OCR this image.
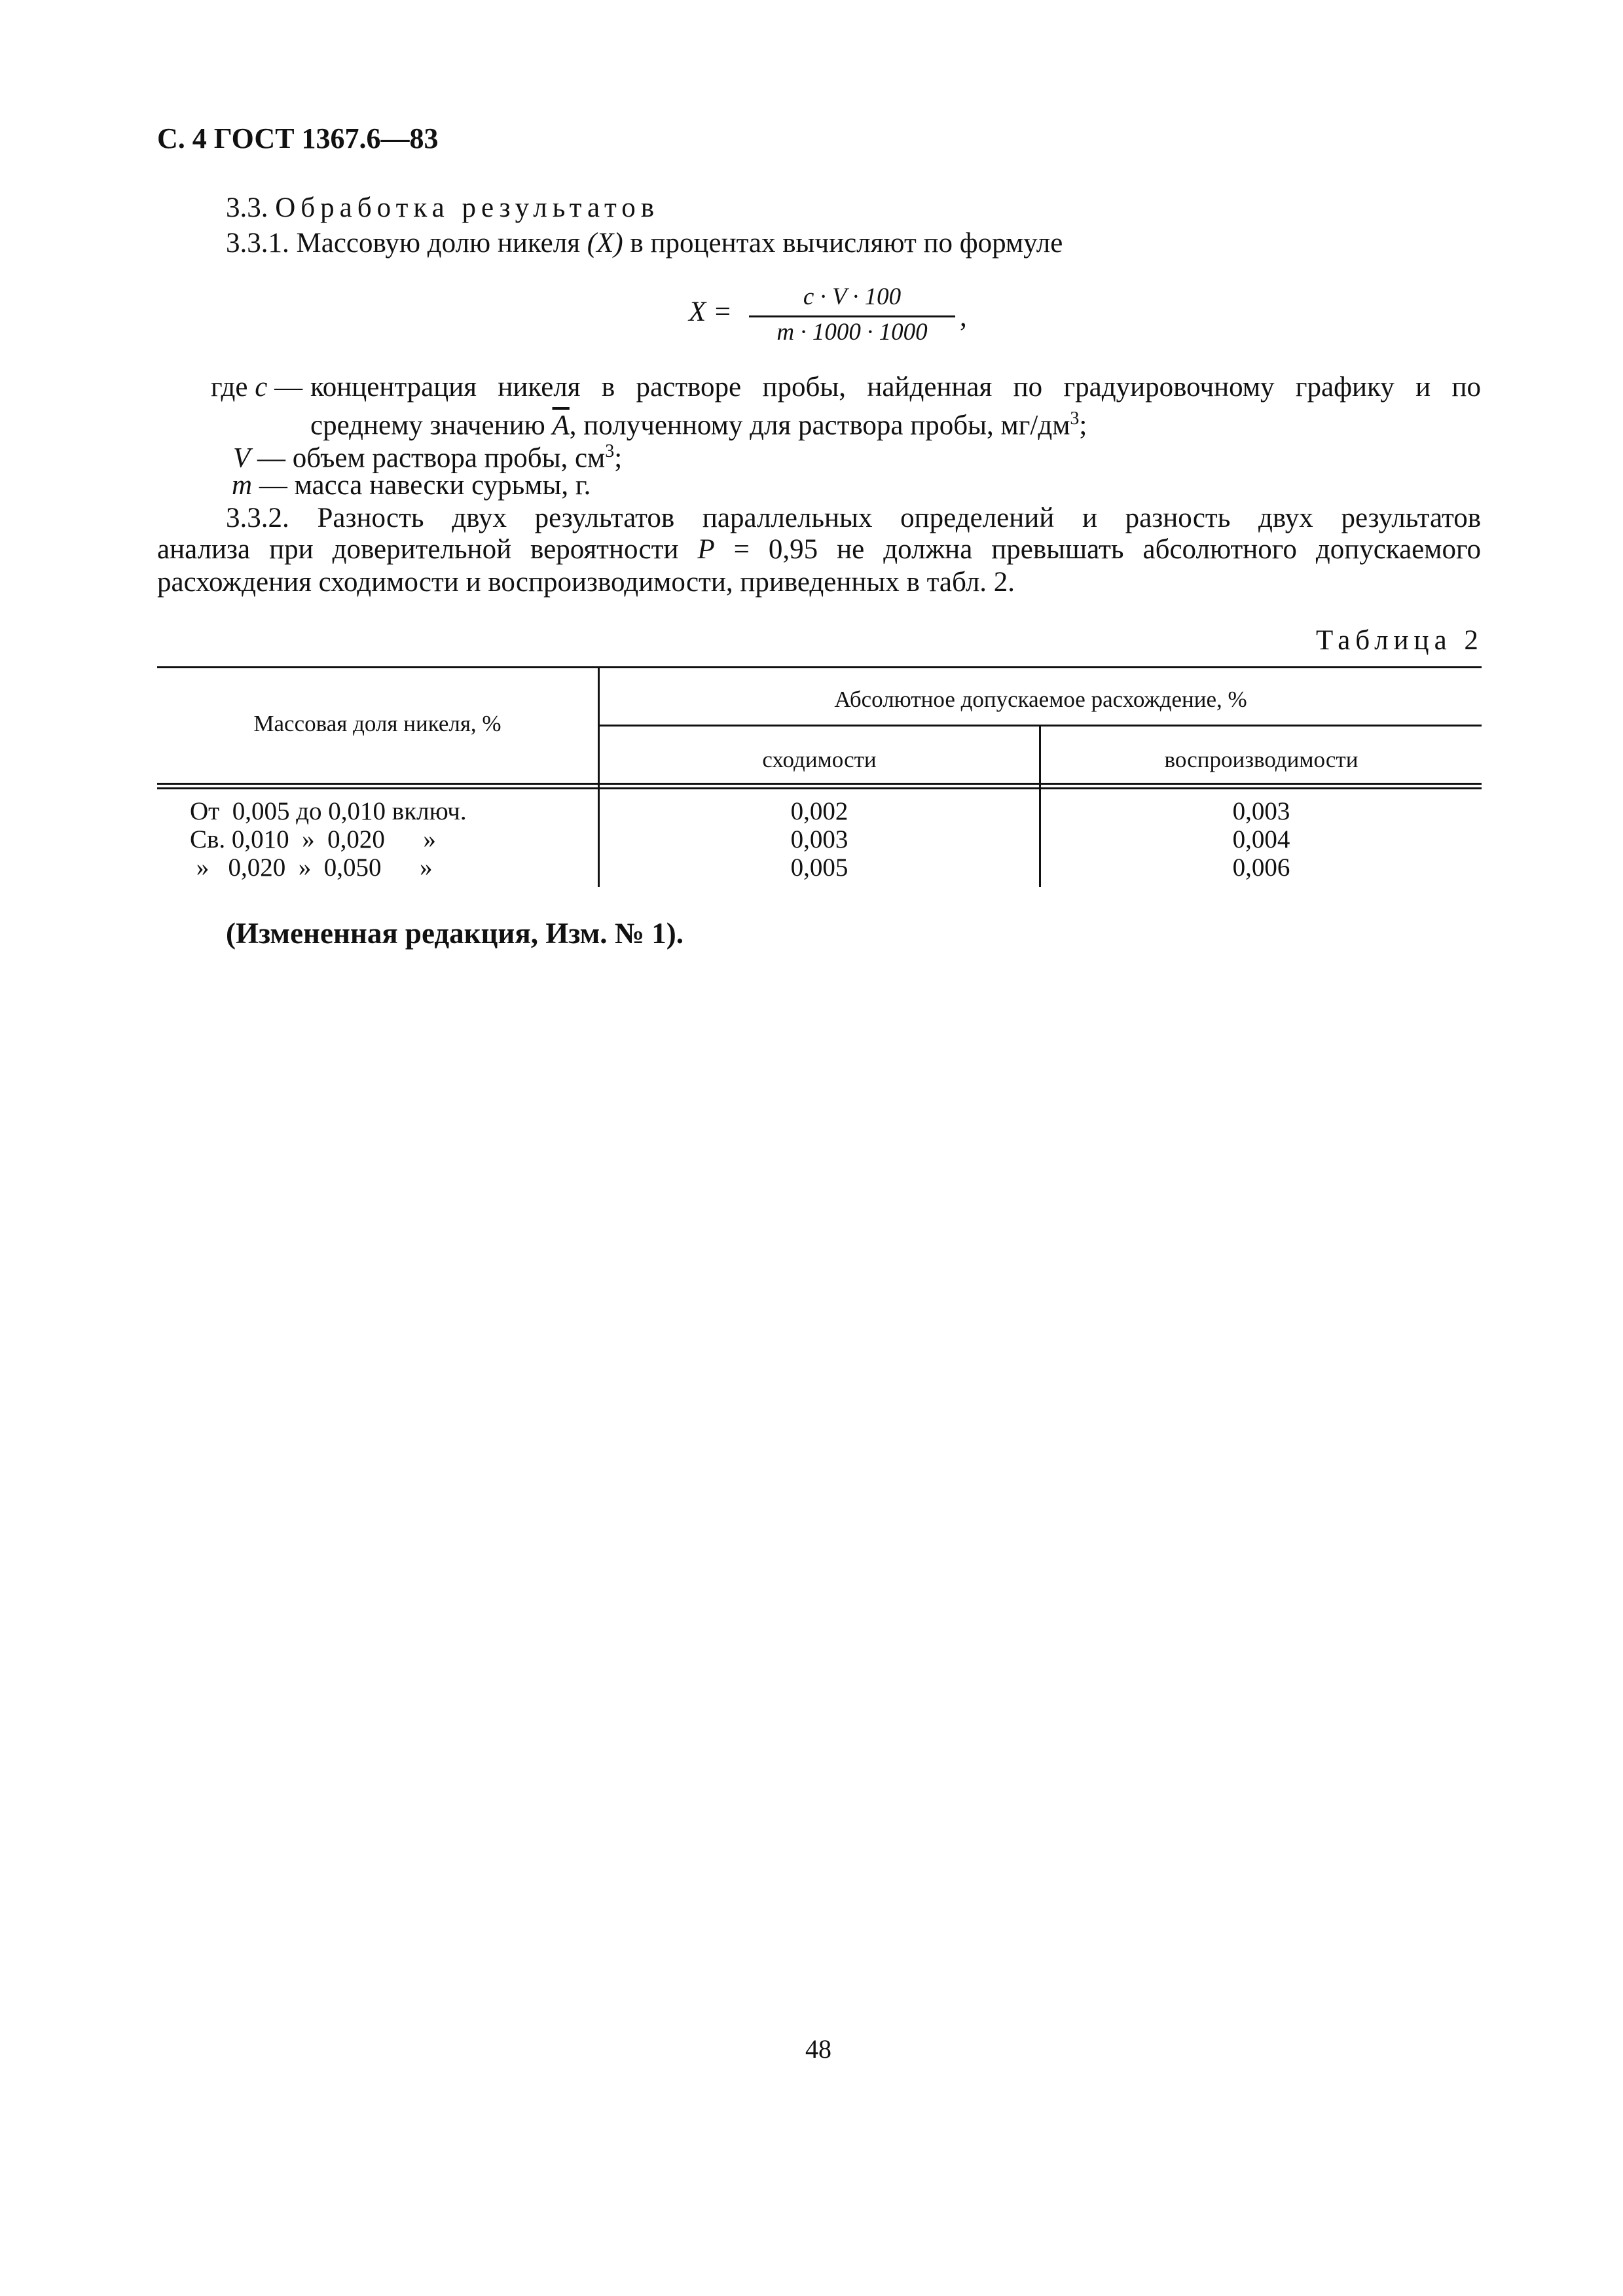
С. 4 ГОСТ 1367.6—83
3.3. Обработка результатов
3.3.1. Массовую долю никеля (X) в процентах вычисляют по формуле
X =	c · V · 100
m · 1000 · 1000	,
где c — концентрация никеля в растворе пробы, найденная по градуировочному графику и по
среднему значению $\overline{A}$, полученному для раствора пробы, $мг/дм^3$;
V — объем раствора пробы, $см^3$;
m — масса навески сурьмы, г.
3.3.2. Разность двух результатов параллельных определений и разность двух результатов
анализа при доверительной вероятности P = 0,95 не должна превышать абсолютного допускаемого
расхождения сходимости и воспроизводимости, приведенных в табл. 2.
Таблица 2
Массовая доля никеля, %
Абсолютное допускаемое расхождение, %
сходимости	воспроизводимости
От  0,005 до 0,010 включ.	0,002	0,003
Св. 0,010  »  0,020      »	0,003	0,004
»   0,020  »  0,050      »	0,005	0,006
(Измененная редакция, Изм. № 1).
48
